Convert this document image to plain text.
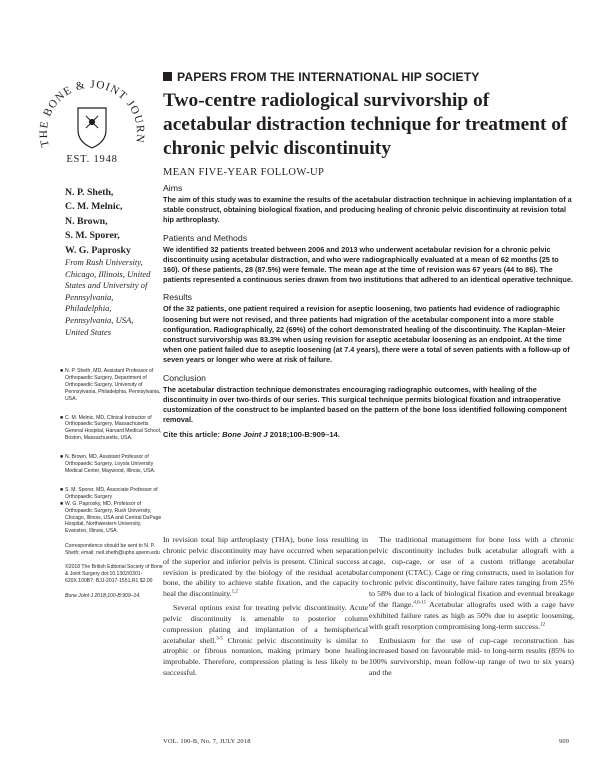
THE BONE & JOINT JOURN
EST. 1948
PAPERS FROM THE INTERNATIONAL HIP SOCIETY
Two-centre radiological survivorship of acetabular distraction technique for treatment of chronic pelvic discontinuity
MEAN FIVE-YEAR FOLLOW-UP
N. P. Sheth,
C. M. Melnic,
N. Brown,
S. M. Sporer,
W. G. Paprosky
From Rush University, Chicago, Illinois, United States and University of Pennsylvania, Philadelphia, Pennsylvania, USA, United States
■ N. P. Sheth, MD, Assistant Professor of Orthopaedic Surgery, Department of Orthopaedic Surgery, University of Pennsylvania, Philadelphia, Pennsylvania, USA.
■ C. M. Melnic, MD, Clinical Instructor of Orthopaedic Surgery, Massachusetts General Hospital, Harvard Medical School, Boston, Massachusetts, USA.
■ N. Brown, MD, Assistant Professor of Orthopaedic Surgery, Loyola University Medical Center, Maywood, Illinois, USA.
■ S. M. Sporer, MD, Associate Professor of Orthopaedic Surgery
■ W. G. Paprosky, MD, Professor of Orthopaedic Surgery, Rush University, Chicago, Illinois, USA and Central DuPage Hospital, Northwestern University, Evanston, Illinois, USA.
Correspondence should be sent to N. P. Sheth; email: neil.sheth@uphs.upenn.edu
©2018 The British Editorial Society of Bone & Joint Surgery doi:10.1302/0301-620X.100B7. BJJ-2017-1551.R1 $2.00
Bone Joint J 2018;100-B:909–14.
Aims

The aim of this study was to examine the results of the acetabular distraction technique in achieving implantation of a stable construct, obtaining biological fixation, and producing healing of chronic pelvic discontinuity at revision total hip arthroplasty.

Patients and Methods

We identified 32 patients treated between 2006 and 2013 who underwent acetabular revision for a chronic pelvic discontinuity using acetabular distraction, and who were radiographically evaluated at a mean of 62 months (25 to 160). Of these patients, 28 (87.5%) were female. The mean age at the time of revision was 67 years (44 to 86). The patients represented a continuous series drawn from two institutions that adhered to an identical operative technique.

Results

Of the 32 patients, one patient required a revision for aseptic loosening, two patients had evidence of radiographic loosening but were not revised, and three patients had migration of the acetabular component into a more stable configuration. Radiographically, 22 (69%) of the cohort demonstrated healing of the discontinuity. The Kaplan–Meier construct survivorship was 83.3% when using revision for aseptic acetabular loosening as an endpoint. At the time when one patient failed due to aseptic loosening (at 7.4 years), there were a total of seven patients with a follow-up of seven years or longer who were at risk of failure.

Conclusion

The acetabular distraction technique demonstrates encouraging radiographic outcomes, with healing of the discontinuity in over two-thirds of our series. This surgical technique permits biological fixation and intraoperative customization of the construct to be implanted based on the pattern of the bone loss identified following component removal.

Cite this article: Bone Joint J 2018;100-B:909–14.

In revision total hip arthroplasty (THA), bone loss resulting in chronic pelvic discontinuity may have occurred when separation of the superior and inferior pelvis is present. Clinical success at revision is predicated by the biology of the residual acetabular bone, the ability to achieve stable fixation, and the capacity to heal the discontinuity.$^{1,2}$

Several options exist for treating pelvic discontinuity. Acute pelvic discontinuity is amenable to posterior column compression plating and implantation of a hemispherical acetabular shell.$^{3-5}$ Chronic pelvic discontinuity is similar to atrophic or fibrous nonunion, making primary bone healing improbable. Therefore, compression plating is less likely to be successful.

The traditional management for bone loss with a chronic pelvic discontinuity includes bulk acetabular allograft with a cage, cup-cage, or use of a custom triflange acetabular component (CTAC). Cage or ring constructs, used in isolation for chronic pelvic discontinuity, have failure rates ranging from 25% to 58% due to a lack of biological fixation and eventual breakage of the flange.$^{4,6-11}$ Acetabular allografts used with a cage have exhibited failure rates as high as 50% due to aseptic loosening, with graft resorption compromising long-term success.$^{12}$

Enthusiasm for the use of cup-cage reconstruction has increased based on favourable mid- to long-term results (85% to 100% survivorship, mean follow-up range of two to six years) and the

VOL. 100-B, No. 7, JULY 2018	909
